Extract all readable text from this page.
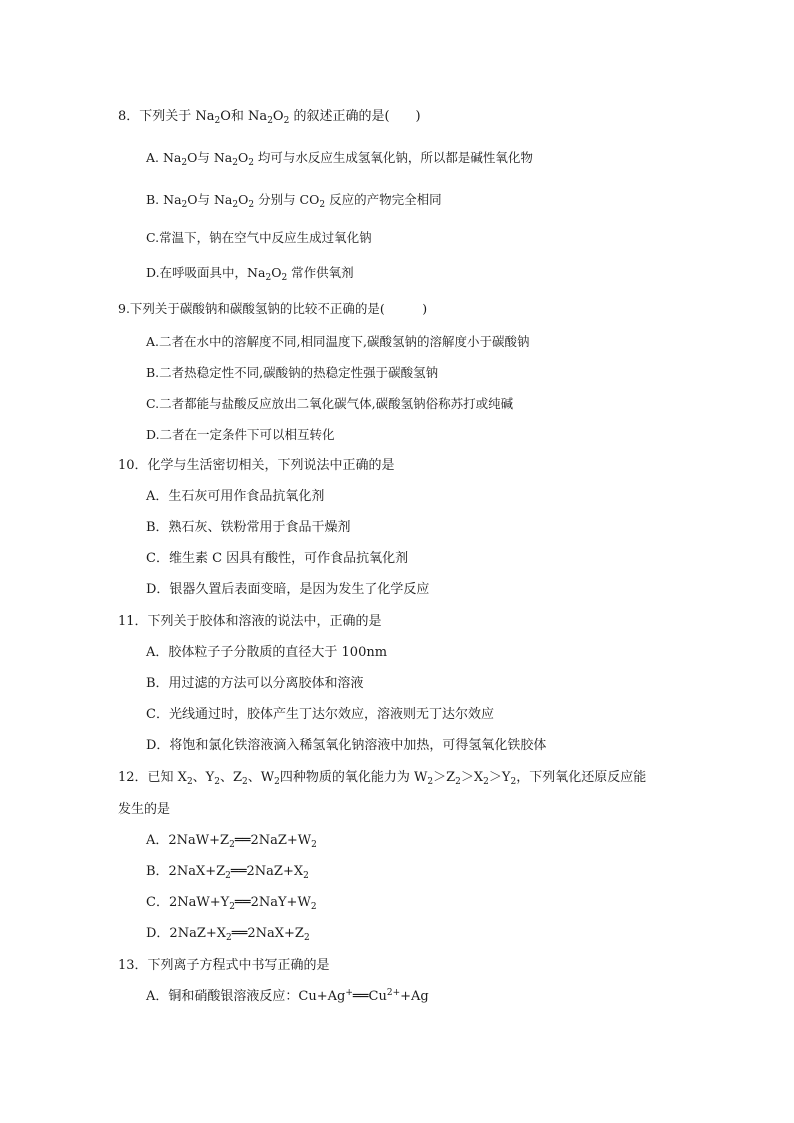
8．下列关于 $Na_2O$和 $Na_2O_2$ 的叙述正确的是(　　)
A. $Na_2O$与 $Na_2O_2$ 均可与水反应生成氢氧化钠，所以都是碱性氧化物
B. $Na_2O$与 $Na_2O_2$ 分别与 $CO_2$ 反应的产物完全相同
C.常温下，钠在空气中反应生成过氧化钠
D.在呼吸面具中，$Na_2O_2$ 常作供氧剂
9.下列关于碳酸钠和碳酸氢钠的比较不正确的是(　　　)
A.二者在水中的溶解度不同,相同温度下,碳酸氢钠的溶解度小于碳酸钠
B.二者热稳定性不同,碳酸钠的热稳定性强于碳酸氢钠
C.二者都能与盐酸反应放出二氧化碳气体,碳酸氢钠俗称苏打或纯碱
D.二者在一定条件下可以相互转化
10．化学与生活密切相关，下列说法中正确的是
A．生石灰可用作食品抗氧化剂
B．熟石灰、铁粉常用于食品干燥剂
C．维生素 C 因具有酸性，可作食品抗氧化剂
D．银器久置后表面变暗，是因为发生了化学反应
11．下列关于胶体和溶液的说法中，正确的是
A．胶体粒子子分散质的直径大于 100nm
B．用过滤的方法可以分离胶体和溶液
C．光线通过时，胶体产生丁达尔效应，溶液则无丁达尔效应
D．将饱和氯化铁溶液滴入稀氢氧化钠溶液中加热，可得氢氧化铁胶体
12．已知 $X_2$、$Y_2$、$Z_2$、$W_2$四种物质的氧化能力为 $W_2>Z_2>X_2>Y_2$，下列氧化还原反应能
发生的是
A．$2NaW+Z_2══2NaZ+W_2$
B．$2NaX+Z_2══2NaZ+X_2$
C．$2NaW+Y_2══2NaY+W_2$
D．$2NaZ+X_2══2NaX+Z_2$
13．下列离子方程式中书写正确的是
A．铜和硝酸银溶液反应：$Cu+Ag^+══Cu^{2+}+Ag$
